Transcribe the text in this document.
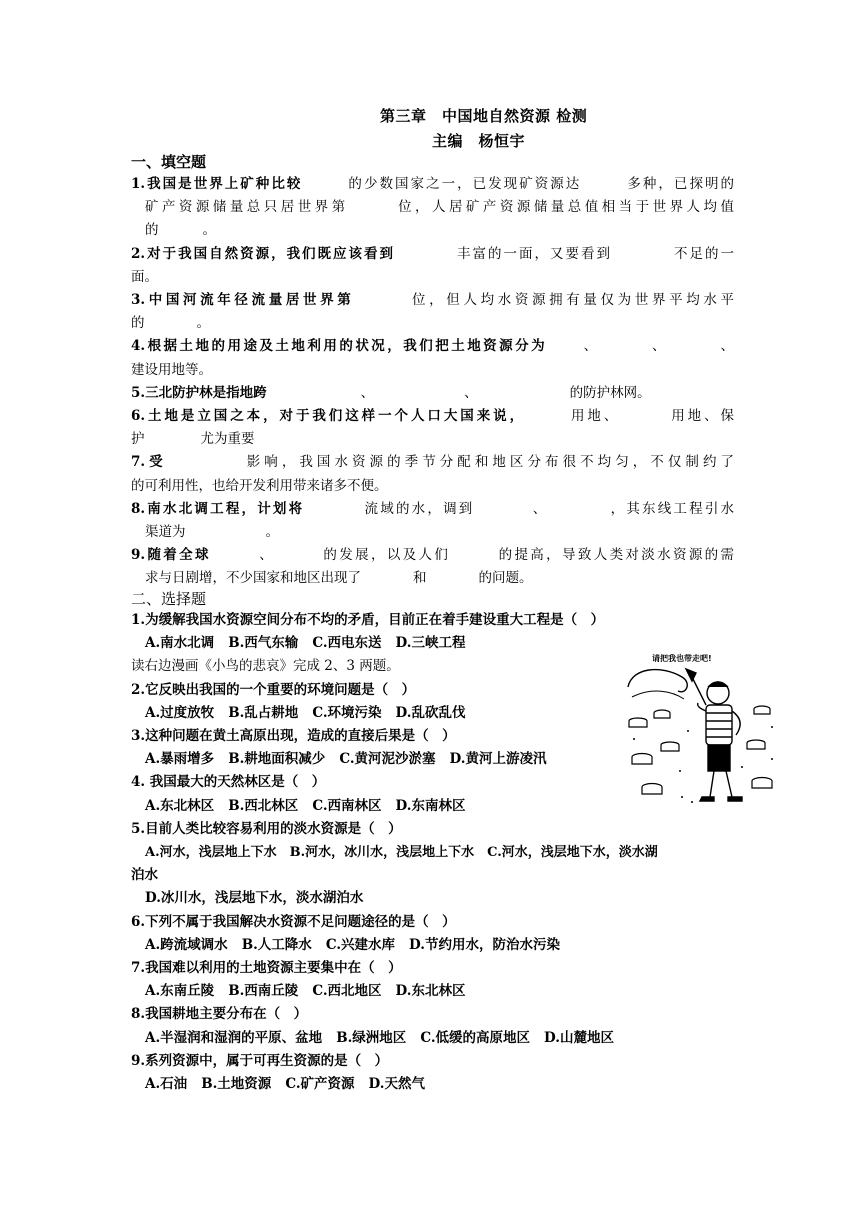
第三章　中国地自然资源 检测
主编　杨恒宇
一、填空题

1.我国是世界上矿种比较	的少数国家之一，已发现矿资源达	多种，已探明的

矿产资源储量总只居世界第	位，人居矿产资源储量总值相当于世界人均值

的	。

2.对于我国自然资源，我们既应该看到	丰富的一面，又要看到	不足的一

面。

3.中国河流年径流量居世界第	位，但人均水资源拥有量仅为世界平均水平

的	。

4.根据土地的用途及土地利用的状况，我们把土地资源分为	、	、	、

建设用地等。

5.三北防护林是指地跨	、	、	的防护林网。

6.土地是立国之本，对于我们这样一个人口大国来说，	用地、	用地、保

护	尤为重要

7.受	影响，我国水资源的季节分配和地区分布很不均匀，不仅制约了

的可利用性，也给开发利用带来诸多不便。

8.南水北调工程，计划将	流域的水，调到	、	，其东线工程引水

渠道为	。

9.随着全球	、	的发展，以及人们	的提高，导致人类对淡水资源的需

求与日剧增，不少国家和地区出现了	和	的问题。

二、选择题

1.为缓解我国水资源空间分布不均的矛盾，目前正在着手建设重大工程是（　）

A.南水北调 B.西气东输 C.西电东送 D.三峡工程

读右边漫画《小鸟的悲哀》完成 2、3 两题。

2.它反映出我国的一个重要的环境问题是（　）

A.过度放牧 B.乱占耕地 C.环境污染 D.乱砍乱伐

3.这种问题在黄土高原出现，造成的直接后果是（　）

A.暴雨增多 B.耕地面积减少 C.黄河泥沙淤塞 D.黄河上游凌汛

4. 我国最大的天然林区是（　）

A.东北林区 B.西北林区 C.西南林区 D.东南林区

5.目前人类比较容易利用的淡水资源是（　）

A.河水，浅层地上下水　B.河水，冰川水，浅层地上下水　C.河水，浅层地下水，淡水湖

泊水

D.冰川水，浅层地下水，淡水湖泊水

6.下列不属于我国解决水资源不足问题途径的是（　）

A.跨流域调水 B.人工降水 C.兴建水库 D.节约用水，防治水污染

7.我国难以利用的土地资源主要集中在（　）

A.东南丘陵 B.西南丘陵 C.西北地区 D.东北林区

8.我国耕地主要分布在（　）

A.半湿润和湿润的平原、盆地 B.绿洲地区 C.低缓的高原地区 D.山麓地区

9.系列资源中，属于可再生资源的是（　）

A.石油 B.土地资源 C.矿产资源 D.天然气

请把我也带走吧!
